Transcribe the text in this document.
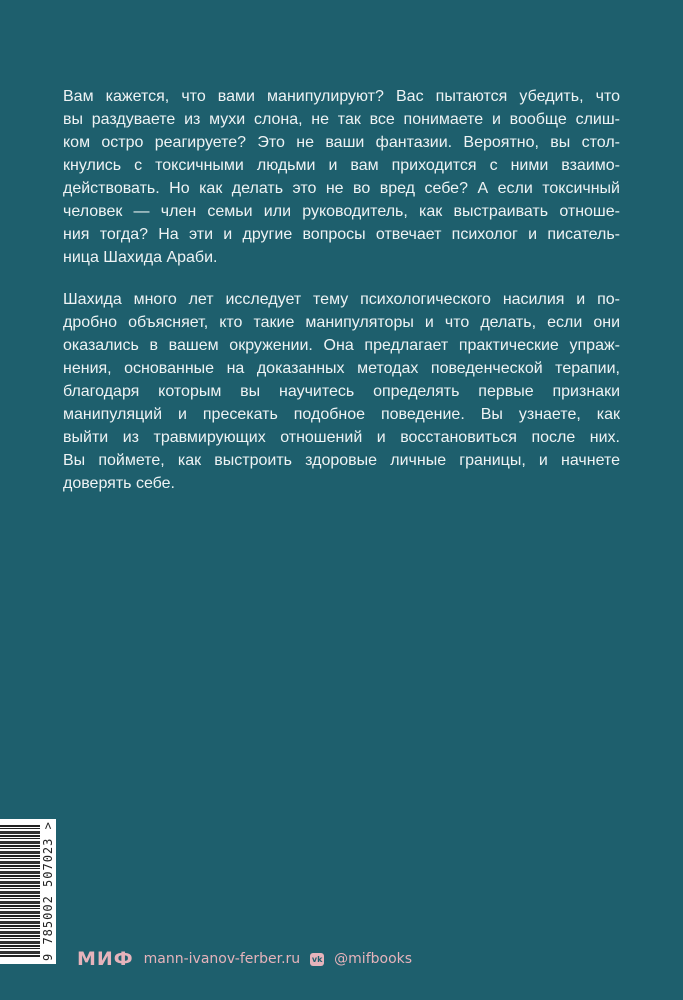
Вам кажется, что вами манипулируют? Вас пытаются убедить, что
вы раздуваете из мухи слона, не так все понимаете и вообще слиш-
ком остро реагируете? Это не ваши фантазии. Вероятно, вы стол-
кнулись с токсичными людьми и вам приходится с ними взаимо-
действовать. Но как делать это не во вред себе? А если токсичный
человек — член семьи или руководитель, как выстраивать отноше-
ния тогда? На эти и другие вопросы отвечает психолог и писатель-
ница Шахида Араби.
Шахида много лет исследует тему психологического насилия и по-
дробно объясняет, кто такие манипуляторы и что делать, если они
оказались в вашем окружении. Она предлагает практические упраж-
нения, основанные на доказанных методах поведенческой терапии,
благодаря которым вы научитесь определять первые признаки
манипуляций и пресекать подобное поведение. Вы узнаете, как
выйти из травмирующих отношений и восстановиться после них.
Вы поймете, как выстроить здоровые личные границы, и начнете
доверять себе.
9 785002 507023 > МИФ mann-ivanov-ferber.ru vk @mifbooks
